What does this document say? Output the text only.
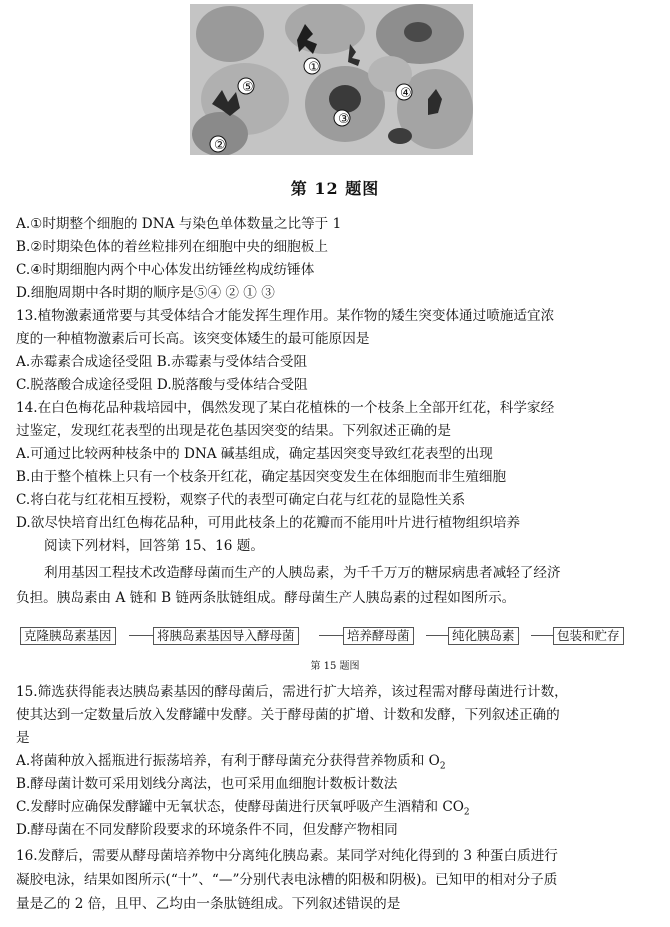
①
②
③
④
⑤
第 12 题图
A.①时期整个细胞的 DNA 与染色单体数量之比等于 1
B.②时期染色体的着丝粒排列在细胞中央的细胞板上
C.④时期细胞内两个中心体发出纺锤丝构成纺锤体
D.细胞周期中各时期的顺序是⑤④ ② ① ③
13.植物激素通常要与其受体结合才能发挥生理作用。某作物的矮生突变体通过喷施适宜浓
度的一种植物激素后可长高。该突变体矮生的最可能原因是
A.赤霉素合成途径受阻 B.赤霉素与受体结合受阻
C.脱落酸合成途径受阻 D.脱落酸与受体结合受阻
14.在白色梅花品种栽培园中，偶然发现了某白花植株的一个枝条上全部开红花，科学家经
过鉴定，发现红花表型的出现是花色基因突变的结果。下列叙述正确的是
A.可通过比较两种枝条中的 DNA 碱基组成，确定基因突变导致红花表型的出现
B.由于整个植株上只有一个枝条开红花，确定基因突变发生在体细胞而非生殖细胞
C.将白花与红花相互授粉，观察子代的表型可确定白花与红花的显隐性关系
D.欲尽快培育出红色梅花品种，可用此枝条上的花瓣而不能用叶片进行植物组织培养
阅读下列材料，回答第 15、16 题。
利用基因工程技术改造酵母菌而生产的人胰岛素，为千千万万的糖尿病患者减轻了经济
负担。胰岛素由 A 链和 B 链两条肽链组成。酵母菌生产人胰岛素的过程如图所示。
克隆胰岛素基因	将胰岛素基因导入酵母菌	培养酵母菌	纯化胰岛素	包装和贮存
第 15 题图
15.筛选获得能表达胰岛素基因的酵母菌后，需进行扩大培养，该过程需对酵母菌进行计数，
使其达到一定数量后放入发酵罐中发酵。关于酵母菌的扩增、计数和发酵，下列叙述正确的
是
A.将菌种放入摇瓶进行振荡培养，有利于酵母菌充分获得营养物质和 $O_2$
B.酵母菌计数可采用划线分离法，也可采用血细胞计数板计数法
C.发酵时应确保发酵罐中无氧状态，使酵母菌进行厌氧呼吸产生酒精和 $CO_2$
D.酵母菌在不同发酵阶段要求的环境条件不同，但发酵产物相同
16.发酵后，需要从酵母菌培养物中分离纯化胰岛素。某同学对纯化得到的 3 种蛋白质进行
凝胶电泳，结果如图所示(“十”、“—”分别代表电泳槽的阳极和阴极)。已知甲的相对分子质
量是乙的 2 倍，且甲、乙均由一条肽链组成。下列叙述错误的是
